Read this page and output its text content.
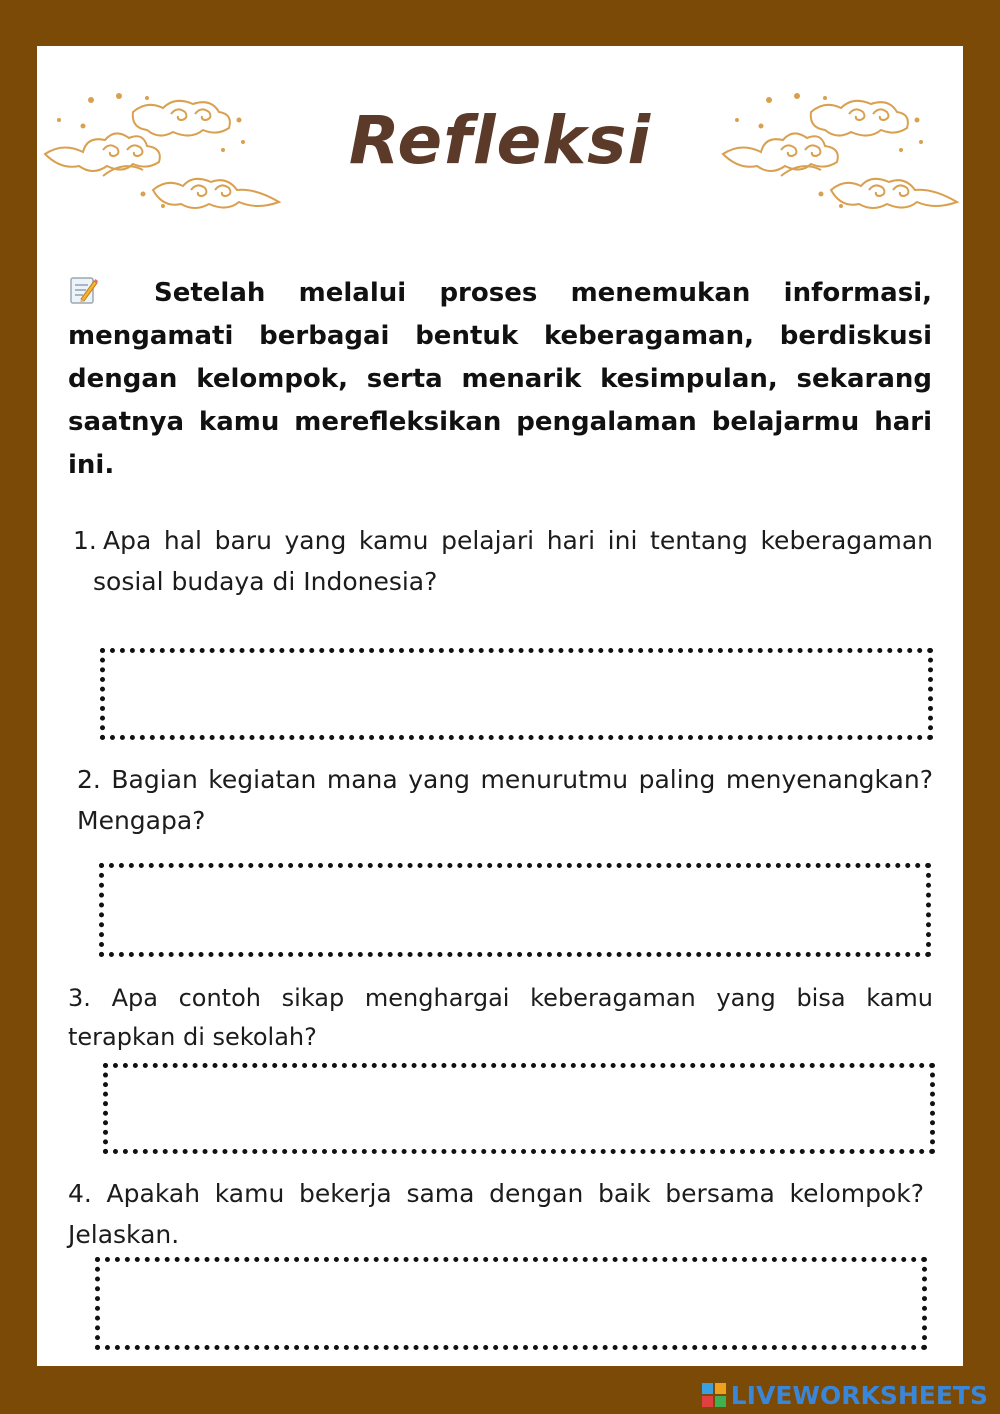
Refleksi
Setelah melalui proses menemukan informasi, mengamati berbagai bentuk keberagaman, berdiskusi dengan kelompok, serta menarik kesimpulan, sekarang saatnya kamu merefleksikan pengalaman belajarmu hari ini.
1. Apa hal baru yang kamu pelajari hari ini tentang keberagaman sosial budaya di Indonesia?
2. Bagian kegiatan mana yang menurutmu paling menyenangkan? Mengapa?
3. Apa contoh sikap menghargai keberagaman yang bisa kamu terapkan di sekolah?
4. Apakah kamu bekerja sama dengan baik bersama kelompok? Jelaskan.
LIVEWORKSHEETS
